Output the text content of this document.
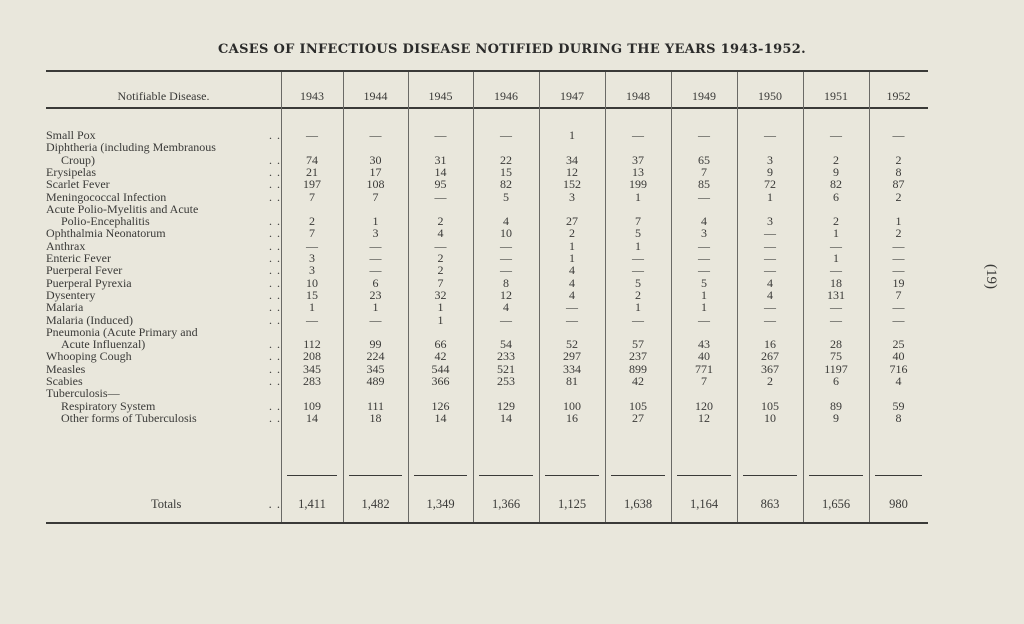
CASES OF INFECTIOUS DISEASE NOTIFIED DURING THE YEARS 1943-1952.
Notifiable Disease.	1943	1944	1945	1946	1947	1948	1949	1950	1951	1952
Small Pox	. .	—	—	—	—	1	—	—	—	—	—
Diphtheria (including Membranous
Croup)	. .	74	30	31	22	34	37	65	3	2	2
Erysipelas	. .	21	17	14	15	12	13	7	9	9	8
Scarlet Fever	. .	197	108	95	82	152	199	85	72	82	87
Meningococcal Infection	. .	7	7	—	5	3	1	—	1	6	2
Acute Polio-Myelitis and Acute
Polio-Encephalitis	. .	2	1	2	4	27	7	4	3	2	1
Ophthalmia Neonatorum	. .	7	3	4	10	2	5	3	—	1	2
Anthrax	. .	—	—	—	—	1	1	—	—	—	—
Enteric Fever	. .	3	—	2	—	1	—	—	—	1	—
Puerperal Fever	. .	3	—	2	—	4	—	—	—	—	—
Puerperal Pyrexia	. .	10	6	7	8	4	5	5	4	18	19
Dysentery	. .	15	23	32	12	4	2	1	4	131	7
Malaria	. .	1	1	1	4	—	1	1	—	—	—
Malaria (Induced)	. .	—	—	1	—	—	—	—	—	—	—
Pneumonia (Acute Primary and
Acute Influenzal)	. .	112	99	66	54	52	57	43	16	28	25
Whooping Cough	. .	208	224	42	233	297	237	40	267	75	40
Measles	. .	345	345	544	521	334	899	771	367	1197	716
Scabies	. .	283	489	366	253	81	42	7	2	6	4
Tuberculosis—
Respiratory System	. .	109	111	126	129	100	105	120	105	89	59
Other forms of Tuberculosis	. .	14	18	14	14	16	27	12	10	9	8
Totals	. .	1,411	1,482	1,349	1,366	1,125	1,638	1,164	863	1,656	980
(19)
